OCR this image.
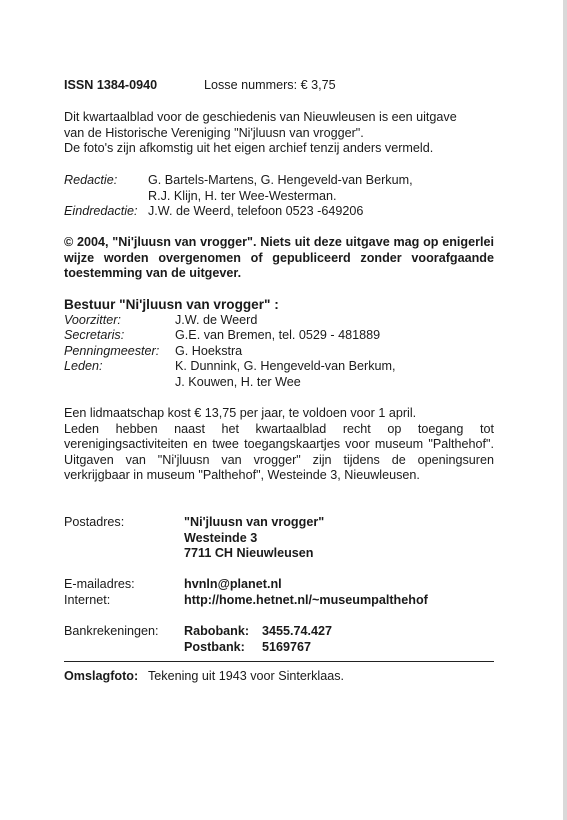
ISSN 1384-0940	Losse nummers: € 3,75
Dit kwartaalblad voor de geschiedenis van Nieuwleusen is een uitgave
van de Historische Vereniging "Ni'jluusn van vrogger".
De foto's zijn afkomstig uit het eigen archief tenzij anders vermeld.
Redactie:	G. Bartels-Martens, G. Hengeveld-van Berkum,
R.J. Klijn, H. ter Wee-Westerman.
Eindredactie: J.W. de Weerd, telefoon 0523 -649206
© 2004, "Ni'jluusn van vrogger". Niets uit deze uitgave mag op enigerlei wijze worden overgenomen of gepubliceerd zonder voorafgaande toestemming van de uitgever.
Bestuur "Ni'jluusn van vrogger" :
Voorzitter:	J.W. de Weerd
Secretaris:	G.E. van Bremen, tel. 0529 - 481889
Penningmeester:	G. Hoekstra
Leden:	K. Dunnink, G. Hengeveld-van Berkum,
J. Kouwen, H. ter Wee
Een lidmaatschap kost € 13,75 per jaar, te voldoen voor 1 april.
Leden hebben naast het kwartaalblad recht op toegang tot verenigingsactiviteiten en twee toegangskaartjes voor museum "Palthehof". Uitgaven van "Ni'jluusn van vrogger" zijn tijdens de openingsuren verkrijgbaar in museum "Palthehof", Westeinde 3, Nieuwleusen.
Postadres:	"Ni'jluusn van vrogger"
Westeinde 3
7711 CH Nieuwleusen
E-mailadres:	hvnln@planet.nl
Internet:	http://home.hetnet.nl/~museumpalthehof
Bankrekeningen:	Rabobank: 3455.74.427
Postbank: 5169767
Omslagfoto: Tekening uit 1943 voor Sinterklaas.
